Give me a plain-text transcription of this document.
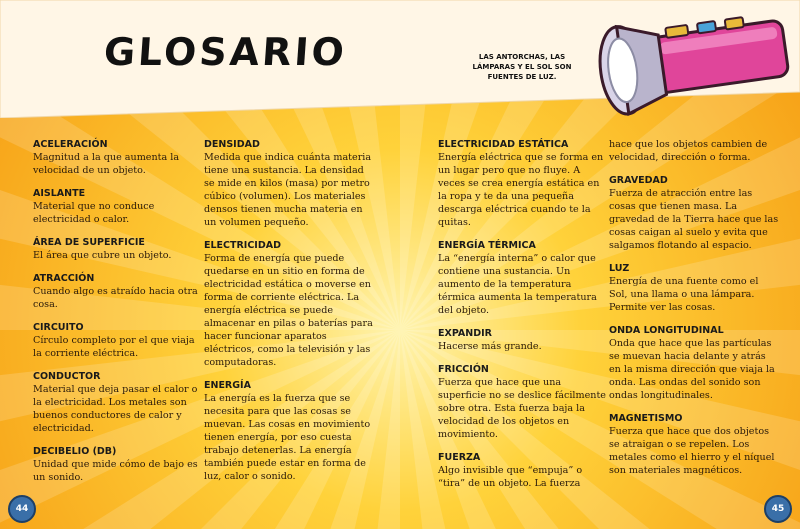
GLOSARIO	LAS ANTORCHAS, LAS LÁMPARAS Y EL SOL SON FUENTES DE LUZ.
ACELERACIÓN
Magnitud a la que aumenta la velocidad de un objeto.
AISLANTE
Material que no conduce electricidad o calor.
ÁREA DE SUPERFICIE
El área que cubre un objeto.
ATRACCIÓN
Cuando algo es atraído hacia otra cosa.
CIRCUITO
Círculo completo por el que viaja la corriente eléctrica.
CONDUCTOR
Material que deja pasar el calor o la electricidad. Los metales son buenos conductores de calor y electricidad.
DECIBELIO (DB)
Unidad que mide cómo de bajo es un sonido.
DENSIDAD
Medida que indica cuánta materia tiene una sustancia. La densidad se mide en kilos (masa) por metro cúbico (volumen). Los materiales densos tienen mucha materia en un volumen pequeño.
ELECTRICIDAD
Forma de energía que puede quedarse en un sitio en forma de electricidad estática o moverse en forma de corriente eléctrica. La energía eléctrica se puede almacenar en pilas o baterías para hacer funcionar aparatos eléctricos, como la televisión y las computadoras.
ENERGÍA
La energía es la fuerza que se necesita para que las cosas se muevan. Las cosas en movimiento tienen energía, por eso cuesta trabajo detenerlas. La energía también puede estar en forma de luz, calor o sonido.
ELECTRICIDAD ESTÁTICA
Energía eléctrica que se forma en un lugar pero que no fluye. A veces se crea energía estática en la ropa y te da una pequeña descarga eléctrica cuando te la quitas.
ENERGÍA TÉRMICA
La “energía interna” o calor que contiene una sustancia. Un aumento de la temperatura térmica aumenta la temperatura del objeto.
EXPANDIR
Hacerse más grande.
FRICCIÓN
Fuerza que hace que una superficie no se deslice fácilmente sobre otra. Esta fuerza baja la velocidad de los objetos en movimiento.
FUERZA
Algo invisible que “empuja” o “tira” de un objeto. La fuerza
hace que los objetos cambien de velocidad, dirección o forma.
GRAVEDAD
Fuerza de atracción entre las cosas que tienen masa. La gravedad de la Tierra hace que las cosas caigan al suelo y evita que salgamos flotando al espacio.
LUZ
Energía de una fuente como el Sol, una llama o una lámpara. Permite ver las cosas.
ONDA LONGITUDINAL
Onda que hace que las partículas se muevan hacia delante y atrás en la misma dirección que viaja la onda. Las ondas del sonido son ondas longitudinales.
MAGNETISMO
Fuerza que hace que dos objetos se atraigan o se repelen. Los metales como el hierro y el níquel son materiales magnéticos.
44	45
